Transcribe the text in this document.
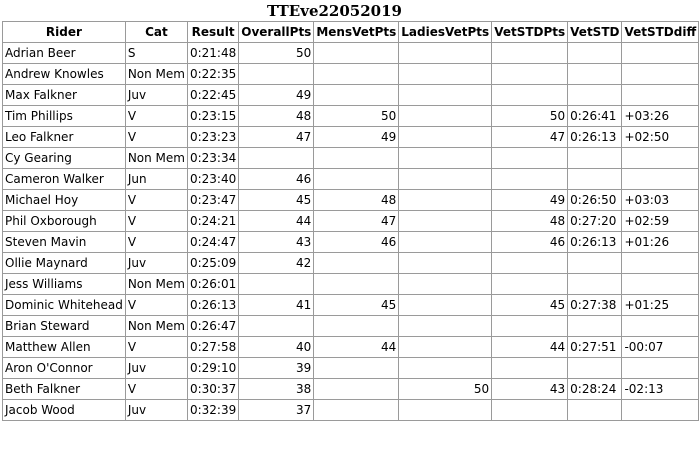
TTEve22052019
Rider	Cat	Result	OverallPts	MensVetPts	LadiesVetPts	VetSTDPts	VetSTD	VetSTDdiff
Adrian Beer	S	0:21:48	50					
Andrew Knowles	Non Mem	0:22:35						
Max Falkner	Juv	0:22:45	49					
Tim Phillips	V	0:23:15	48	50		50	0:26:41	+03:26
Leo Falkner	V	0:23:23	47	49		47	0:26:13	+02:50
Cy Gearing	Non Mem	0:23:34						
Cameron Walker	Jun	0:23:40	46					
Michael Hoy	V	0:23:47	45	48		49	0:26:50	+03:03
Phil Oxborough	V	0:24:21	44	47		48	0:27:20	+02:59
Steven Mavin	V	0:24:47	43	46		46	0:26:13	+01:26
Ollie Maynard	Juv	0:25:09	42					
Jess Williams	Non Mem	0:26:01						
Dominic Whitehead	V	0:26:13	41	45		45	0:27:38	+01:25
Brian Steward	Non Mem	0:26:47						
Matthew Allen	V	0:27:58	40	44		44	0:27:51	-00:07
Aron O'Connor	Juv	0:29:10	39					
Beth Falkner	V	0:30:37	38		50	43	0:28:24	-02:13
Jacob Wood	Juv	0:32:39	37					
